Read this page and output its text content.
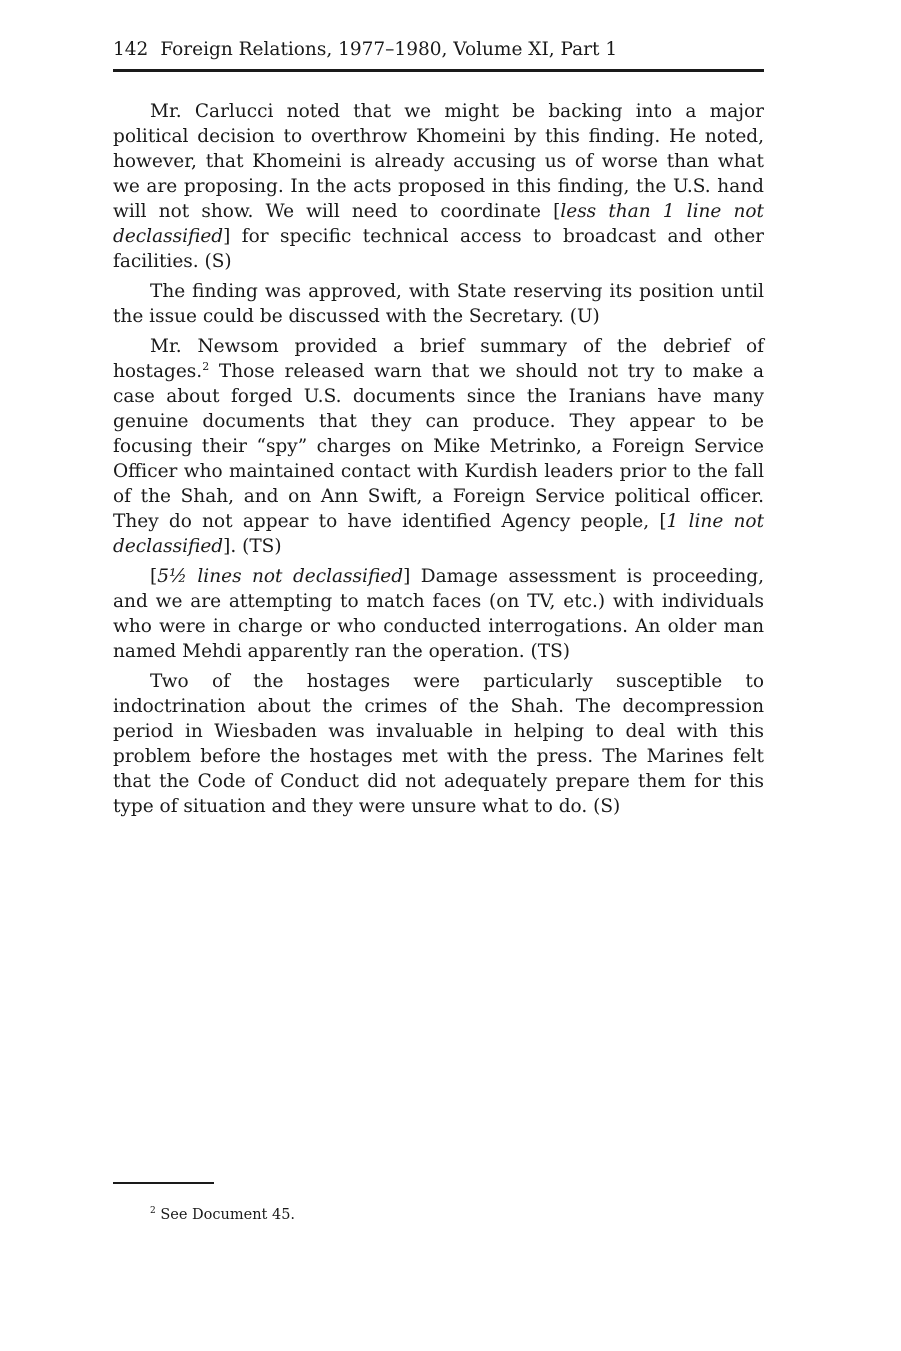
142 Foreign Relations, 1977–1980, Volume XI, Part 1

Mr. Carlucci noted that we might be backing into a major political decision to overthrow Khomeini by this finding. He noted, however, that Khomeini is already accusing us of worse than what we are proposing. In the acts proposed in this finding, the U.S. hand will not show. We will need to coordinate [less than 1 line not declassified] for specific technical access to broadcast and other facilities. (S)

The finding was approved, with State reserving its position until the issue could be discussed with the Secretary. (U)

Mr. Newsom provided a brief summary of the debrief of hostages.$^2$ Those released warn that we should not try to make a case about forged U.S. documents since the Iranians have many genuine documents that they can produce. They appear to be focusing their “spy” charges on Mike Metrinko, a Foreign Service Officer who maintained contact with Kurdish leaders prior to the fall of the Shah, and on Ann Swift, a Foreign Service political officer. They do not appear to have identified Agency people, [1 line not declassified]. (TS)

[5½ lines not declassified] Damage assessment is proceeding, and we are attempting to match faces (on TV, etc.) with individuals who were in charge or who conducted interrogations. An older man named Mehdi apparently ran the operation. (TS)

Two of the hostages were particularly susceptible to indoctrination about the crimes of the Shah. The decompression period in Wiesbaden was invaluable in helping to deal with this problem before the hostages met with the press. The Marines felt that the Code of Conduct did not adequately prepare them for this type of situation and they were unsure what to do. (S)

$^2$ See Document 45.
